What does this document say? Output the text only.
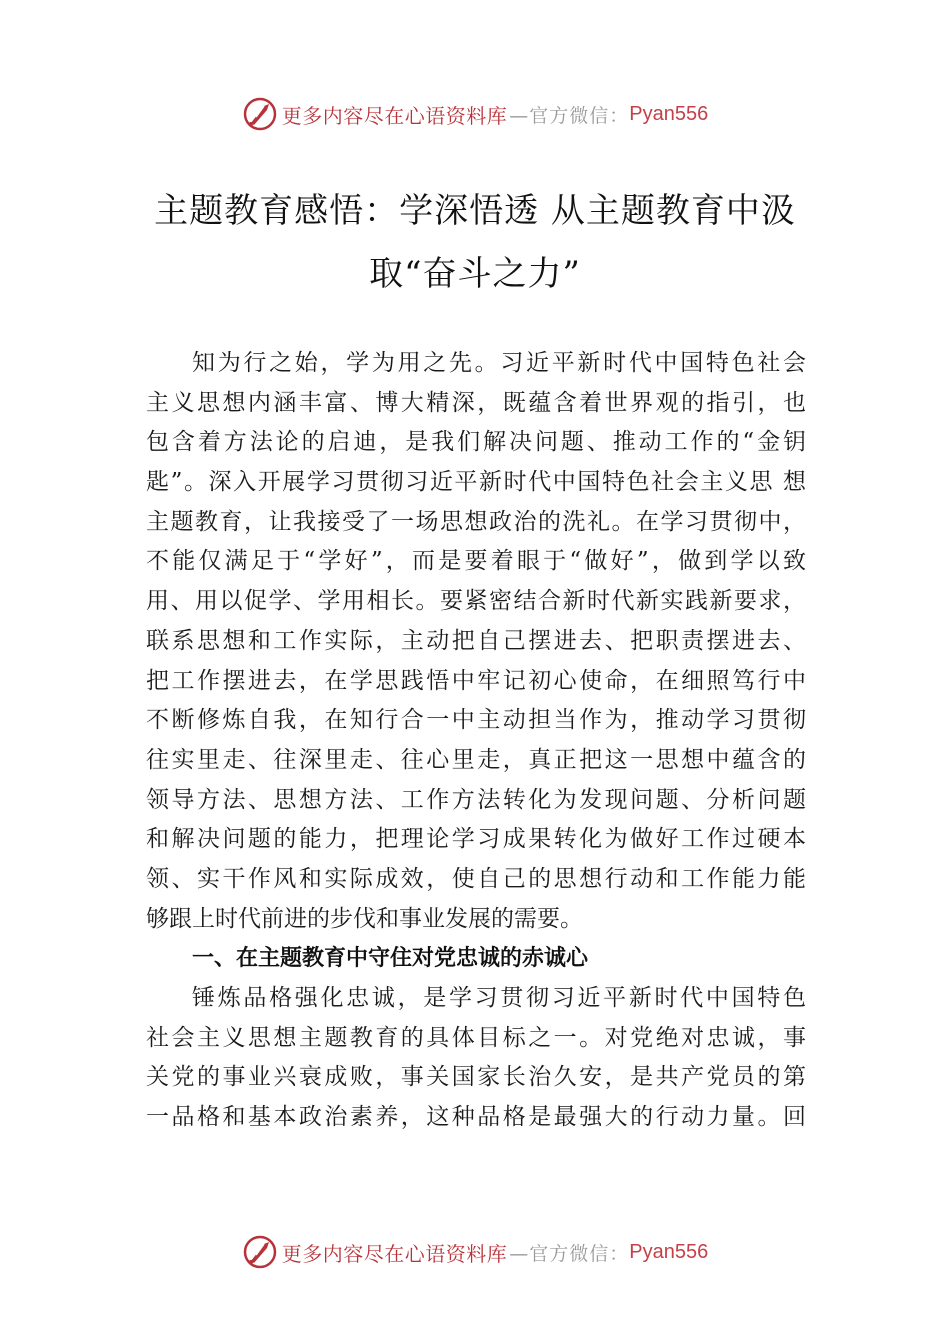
更多内容尽在心语资料库 —官方微信： Pyan556
主题教育感悟：学深悟透 从主题教育中汲
取“奋斗之力”
知为行之始，学为用之先。习近平新时代中国特色社会
主义思想内涵丰富、博大精深，既蕴含着世界观的指引，也
包含着方法论的启迪，是我们解决问题、推动工作的“金钥
匙”。深入开展学习贯彻习近平新时代中国特色社会主义思 想
主题教育，让我接受了一场思想政治的洗礼。在学习贯彻中，
不能仅满足于“学好”，而是要着眼于“做好”，做到学以致
用、用以促学、学用相长。要紧密结合新时代新实践新要求，
联系思想和工作实际，主动把自己摆进去、把职责摆进去、
把工作摆进去，在学思践悟中牢记初心使命，在细照笃行中
不断修炼自我，在知行合一中主动担当作为，推动学习贯彻
往实里走、往深里走、往心里走，真正把这一思想中蕴含的
领导方法、思想方法、工作方法转化为发现问题、分析问题
和解决问题的能力，把理论学习成果转化为做好工作过硬本
领、实干作风和实际成效，使自己的思想行动和工作能力能
够跟上时代前进的步伐和事业发展的需要。
一、在主题教育中守住对党忠诚的赤诚心
锤炼品格强化忠诚，是学习贯彻习近平新时代中国特色
社会主义思想主题教育的具体目标之一。对党绝对忠诚，事
关党的事业兴衰成败，事关国家长治久安，是共产党员的第
一品格和基本政治素养，这种品格是最强大的行动力量。回
更多内容尽在心语资料库 —官方微信： Pyan556
